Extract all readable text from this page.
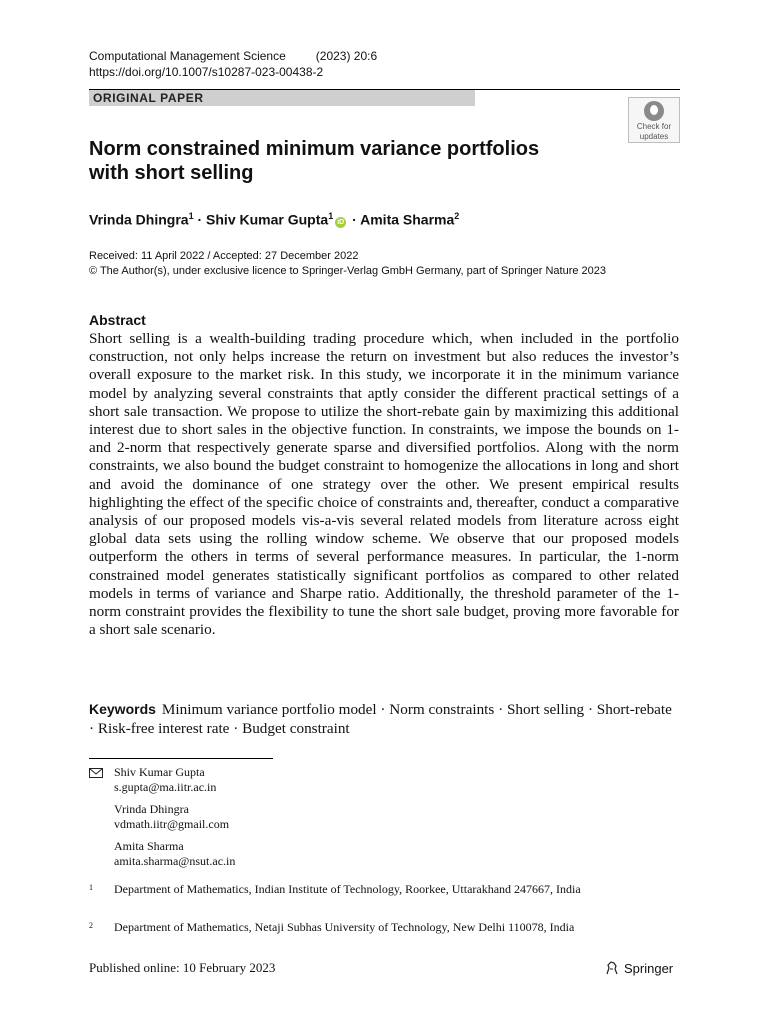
Computational Management Science	(2023) 20:6
https://doi.org/10.1007/s10287-023-00438-2
ORIGINAL PAPER
Check for
updates
Norm constrained minimum variance portfolios
with short selling
Vrinda Dhingra$^1$ · Shiv Kumar Gupta$^1$iD · Amita Sharma$^2$
Received: 11 April 2022 / Accepted: 27 December 2022
© The Author(s), under exclusive licence to Springer-Verlag GmbH Germany, part of Springer Nature 2023
Abstract
Short selling is a wealth-building trading procedure which, when included in the portfolio construction, not only helps increase the return on investment but also reduces the investor’s overall exposure to the market risk. In this study, we incorporate it in the minimum variance model by analyzing several constraints that aptly consider the different practical settings of a short sale transaction. We propose to utilize the short-rebate gain by maximizing this additional interest due to short sales in the objective function. In constraints, we impose the bounds on 1- and 2-norm that respectively generate sparse and diversified portfolios. Along with the norm constraints, we also bound the budget constraint to homogenize the allocations in long and short and avoid the dominance of one strategy over the other. We present empirical results highlighting the effect of the specific choice of constraints and, thereafter, conduct a comparative analysis of our proposed models vis-a-vis several related models from literature across eight global data sets using the rolling window scheme. We observe that our proposed models outperform the others in terms of several performance measures. In particular, the 1-norm constrained model generates statistically significant portfolios as compared to other related models in terms of variance and Sharpe ratio. Additionally, the threshold parameter of the 1-norm constraint provides the flexibility to tune the short sale budget, proving more favorable for a short sale scenario.
Keywords Minimum variance portfolio model · Norm constraints · Short selling · Short-rebate · Risk-free interest rate · Budget constraint
Shiv Kumar Gupta
s.gupta@ma.iitr.ac.in
Vrinda Dhingra
vdmath.iitr@gmail.com
Amita Sharma
amita.sharma@nsut.ac.in
1 Department of Mathematics, Indian Institute of Technology, Roorkee, Uttarakhand 247667, India
2 Department of Mathematics, Netaji Subhas University of Technology, New Delhi 110078, India
Published online: 10 February 2023	Springer
